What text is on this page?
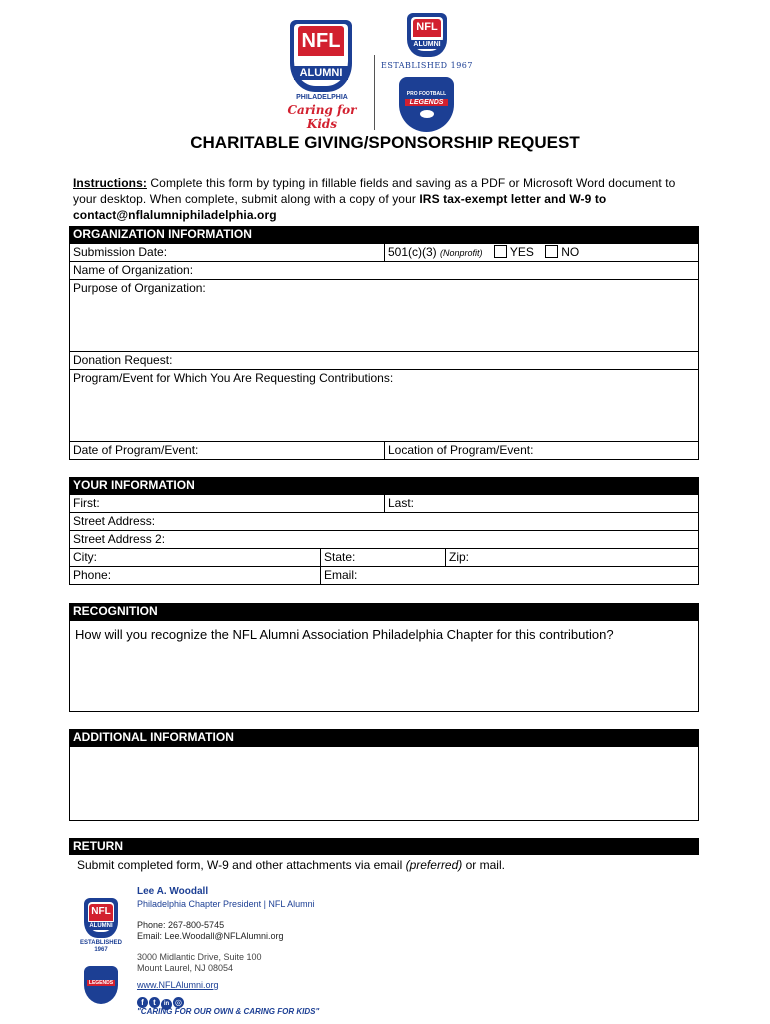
NFL
ALUMNI
PHILADELPHIA
Caring for Kids
NFL
ALUMNI
ESTABLISHED 1967
PRO FOOTBALL
LEGENDS
CHARITABLE GIVING/SPONSORSHIP REQUEST
Instructions: Complete this form by typing in fillable fields and saving as a PDF or Microsoft Word document to your desktop. When complete, submit along with a copy of your IRS tax-exempt letter and W-9 to contact@nflalumniphiladelphia.org
ORGANIZATION INFORMATION
Submission Date:	501(c)(3) (Nonprofit) YES NO
Name of Organization:
Purpose of Organization:
Donation Request:
Program/Event for Which You Are Requesting Contributions:
Date of Program/Event:	Location of Program/Event:
YOUR INFORMATION
First:	Last:
Street Address:
Street Address 2:
City:	State:	Zip:
Phone:	Email:
RECOGNITION
How will you recognize the NFL Alumni Association Philadelphia Chapter for this contribution?
ADDITIONAL INFORMATION
RETURN
Submit completed form, W-9 and other attachments via email (preferred) or mail.
NFL
ALUMNI
ESTABLISHED 1967
LEGENDS
Lee A. Woodall
Philadelphia Chapter President | NFL Alumni
Phone: 267-800-5745
Email: Lee.Woodall@NFLAlumni.org
3000 Midlantic Drive, Suite 100
Mount Laurel, NJ 08054
www.NFLAlumni.org
f t in ◎
"CARING FOR OUR OWN & CARING FOR KIDS"
